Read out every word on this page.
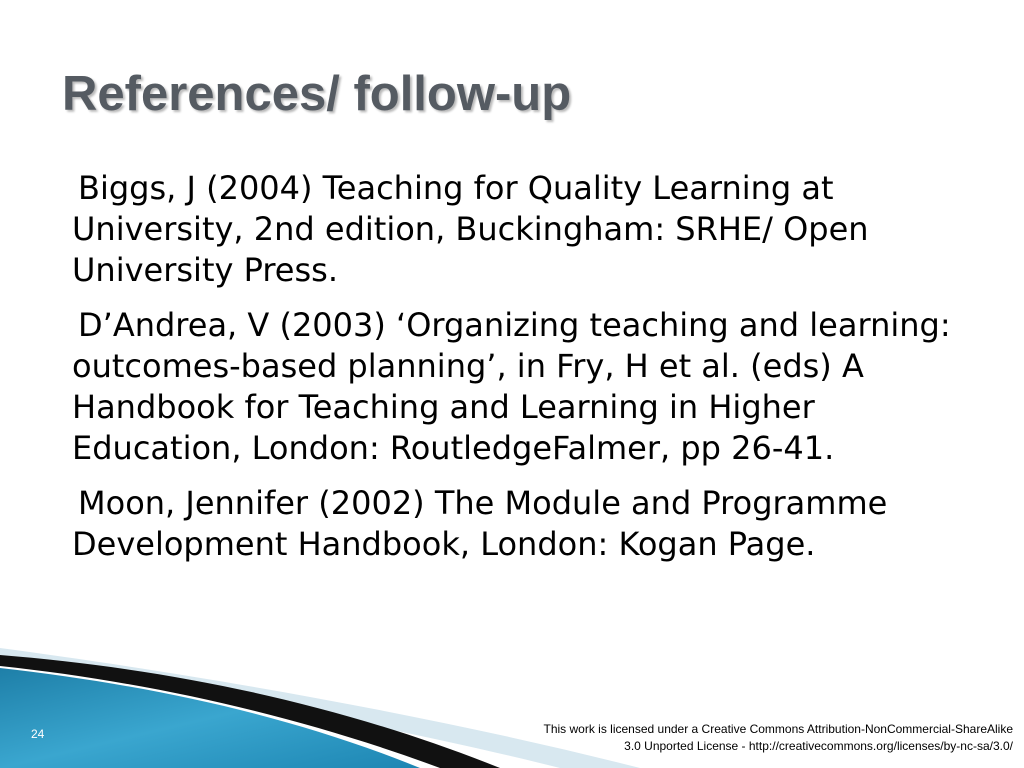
References/ follow-up

Biggs, J (2004) Teaching for Quality Learning at University, 2nd edition, Buckingham: SRHE/ Open University Press.

D’Andrea, V (2003) ‘Organizing teaching and learning: outcomes-based planning’, in Fry, H et al. (eds) A Handbook for Teaching and Learning in Higher Education, London: RoutledgeFalmer, pp 26-41.

Moon, Jennifer (2002) The Module and Programme Development Handbook, London: Kogan Page.

24	This work is licensed under a Creative Commons Attribution-NonCommercial-ShareAlike
3.0 Unported License - http://creativecommons.org/licenses/by-nc-sa/3.0/
